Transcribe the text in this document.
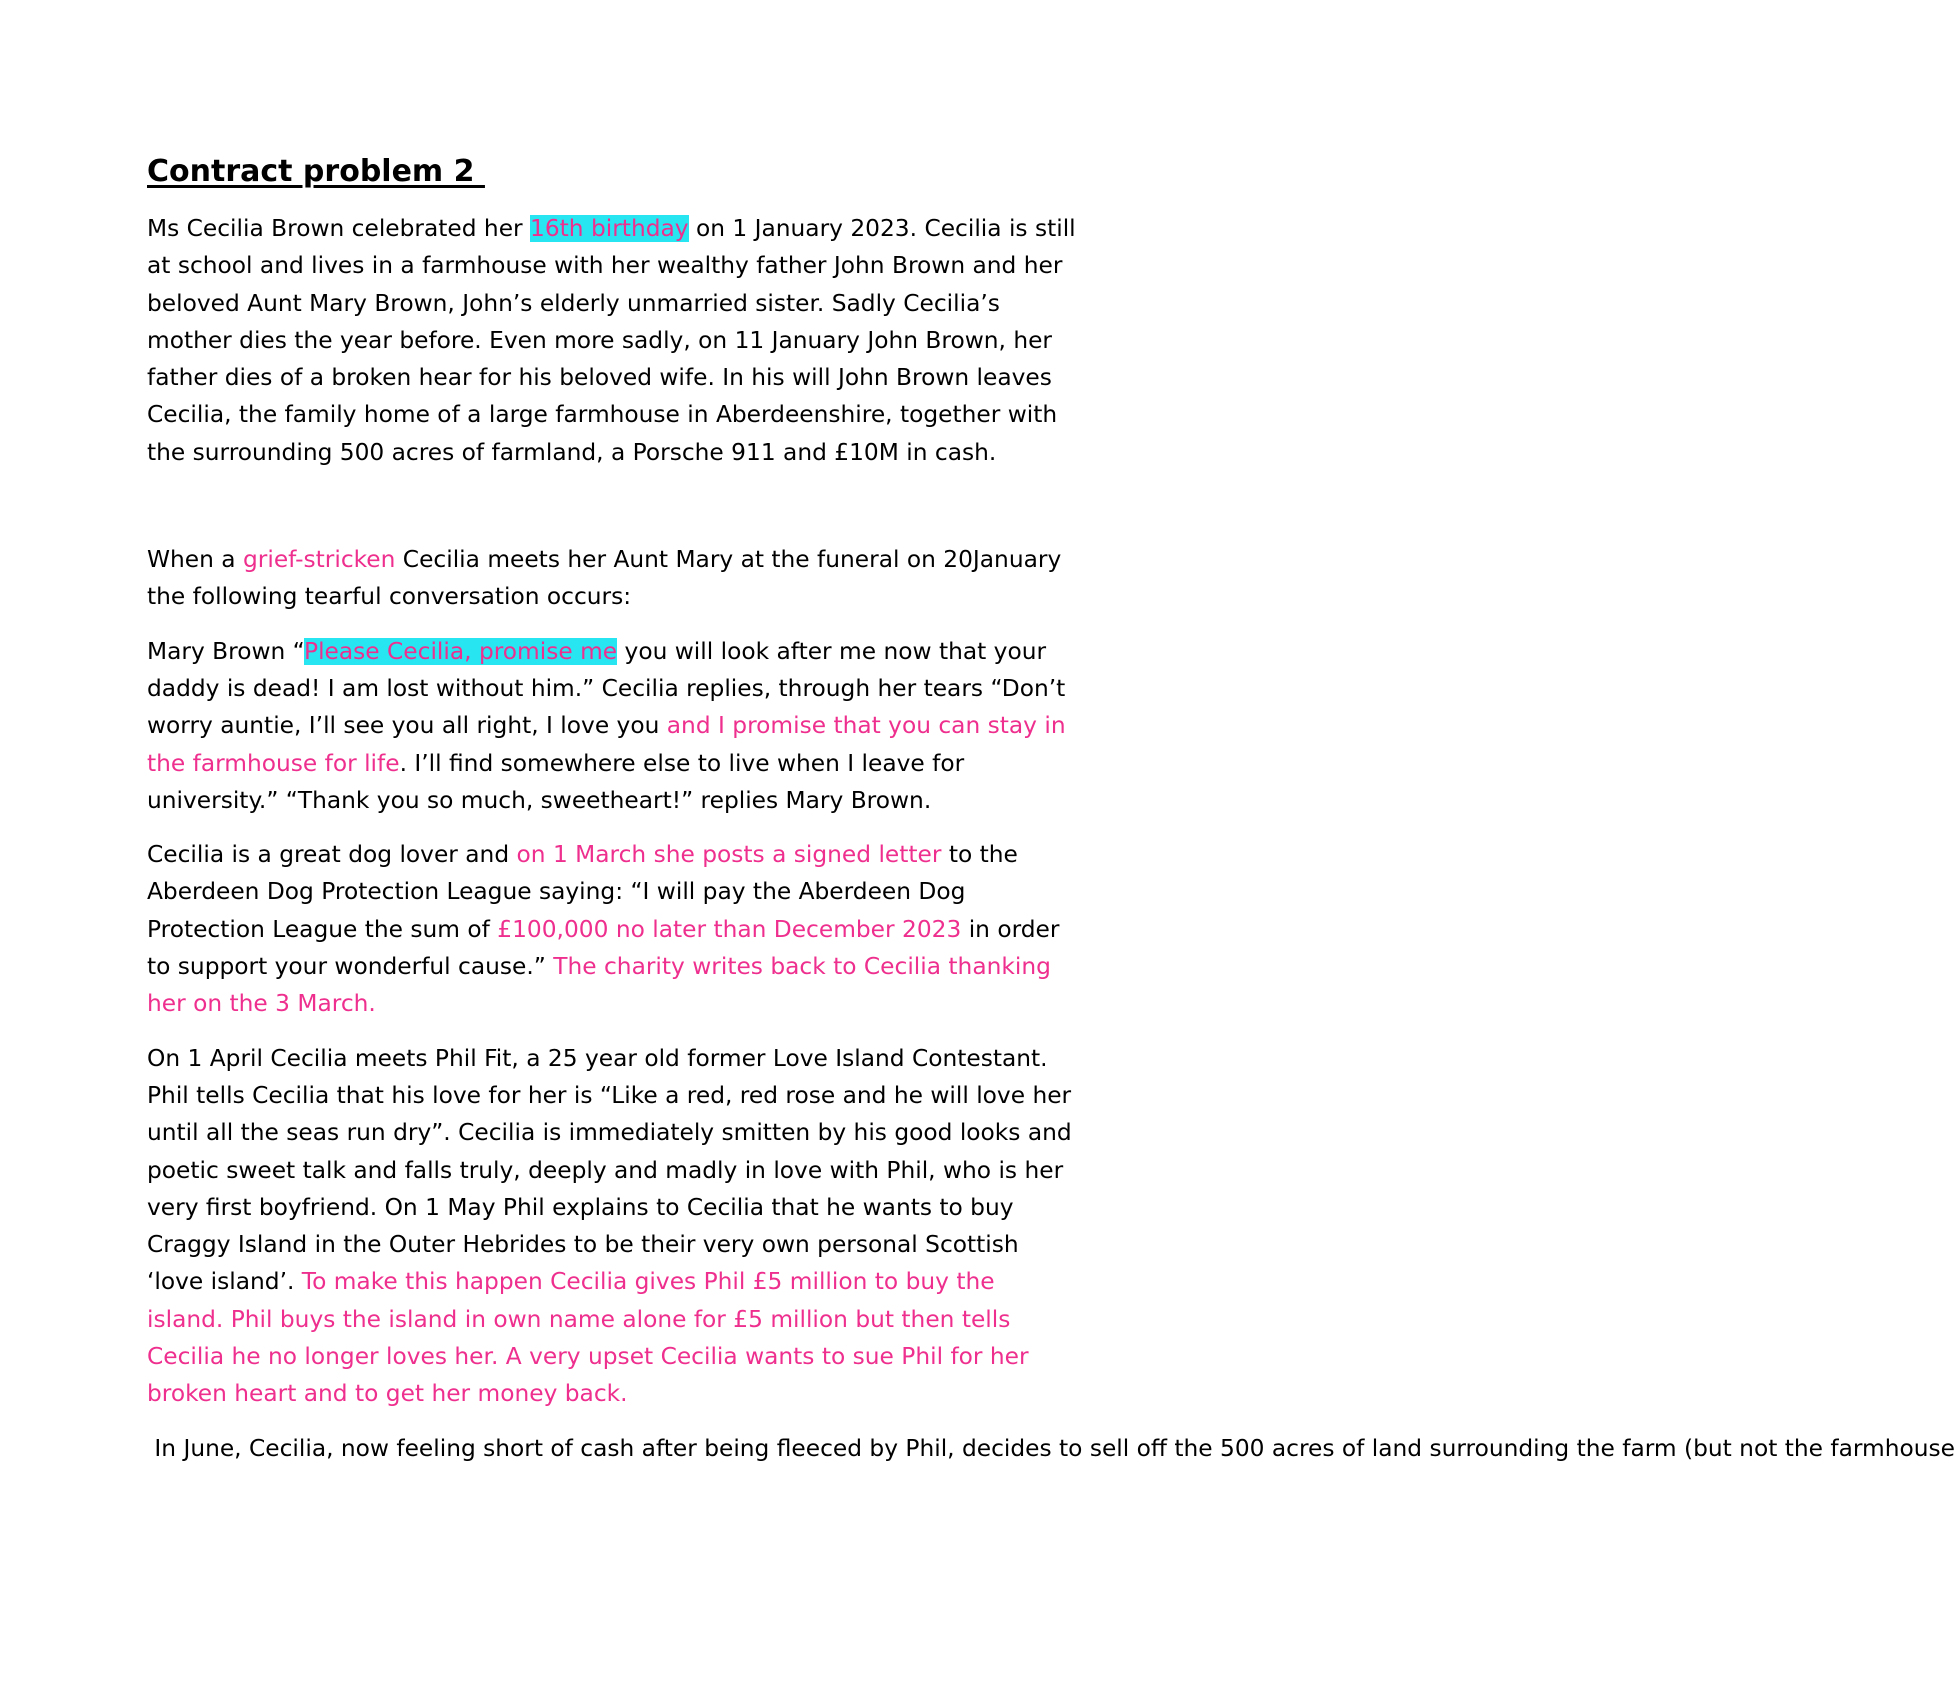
Contract problem 2

Ms Cecilia Brown celebrated her 16th birthday on 1 January 2023. Cecilia is still at school and lives in a farmhouse with her wealthy father John Brown and her beloved Aunt Mary Brown, John’s elderly unmarried sister. Sadly Cecilia’s mother dies the year before. Even more sadly, on 11 January John Brown, her father dies of a broken hear for his beloved wife. In his will John Brown leaves Cecilia, the family home of a large farmhouse in Aberdeenshire, together with the surrounding 500 acres of farmland, a Porsche 911 and £10M in cash.

When a grief-stricken Cecilia meets her Aunt Mary at the funeral on 20January the following tearful conversation occurs:

Mary Brown “Please Cecilia, promise me you will look after me now that your daddy is dead! I am lost without him.” Cecilia replies, through her tears “Don’t worry auntie, I’ll see you all right, I love you and I promise that you can stay in the farmhouse for life. I’ll find somewhere else to live when I leave for university.” “Thank you so much, sweetheart!” replies Mary Brown.

Cecilia is a great dog lover and on 1 March she posts a signed letter to the Aberdeen Dog Protection League saying: “I will pay the Aberdeen Dog Protection League the sum of £100,000 no later than December 2023 in order to support your wonderful cause.” The charity writes back to Cecilia thanking her on the 3 March.

On 1 April Cecilia meets Phil Fit, a 25 year old former Love Island Contestant. Phil tells Cecilia that his love for her is “Like a red, red rose and he will love her until all the seas run dry”. Cecilia is immediately smitten by his good looks and poetic sweet talk and falls truly, deeply and madly in love with Phil, who is her very first boyfriend. On 1 May Phil explains to Cecilia that he wants to buy Craggy Island in the Outer Hebrides to be their very own personal Scottish ‘love island’. To make this happen Cecilia gives Phil £5 million to buy the island. Phil buys the island in own name alone for £5 million but then tells Cecilia he no longer loves her. A very upset Cecilia wants to sue Phil for her broken heart and to get her money back.

In June, Cecilia, now feeling short of cash after being fleeced by Phil, decides to sell off the 500 acres of land surrounding the farm (but not the farmhouse
